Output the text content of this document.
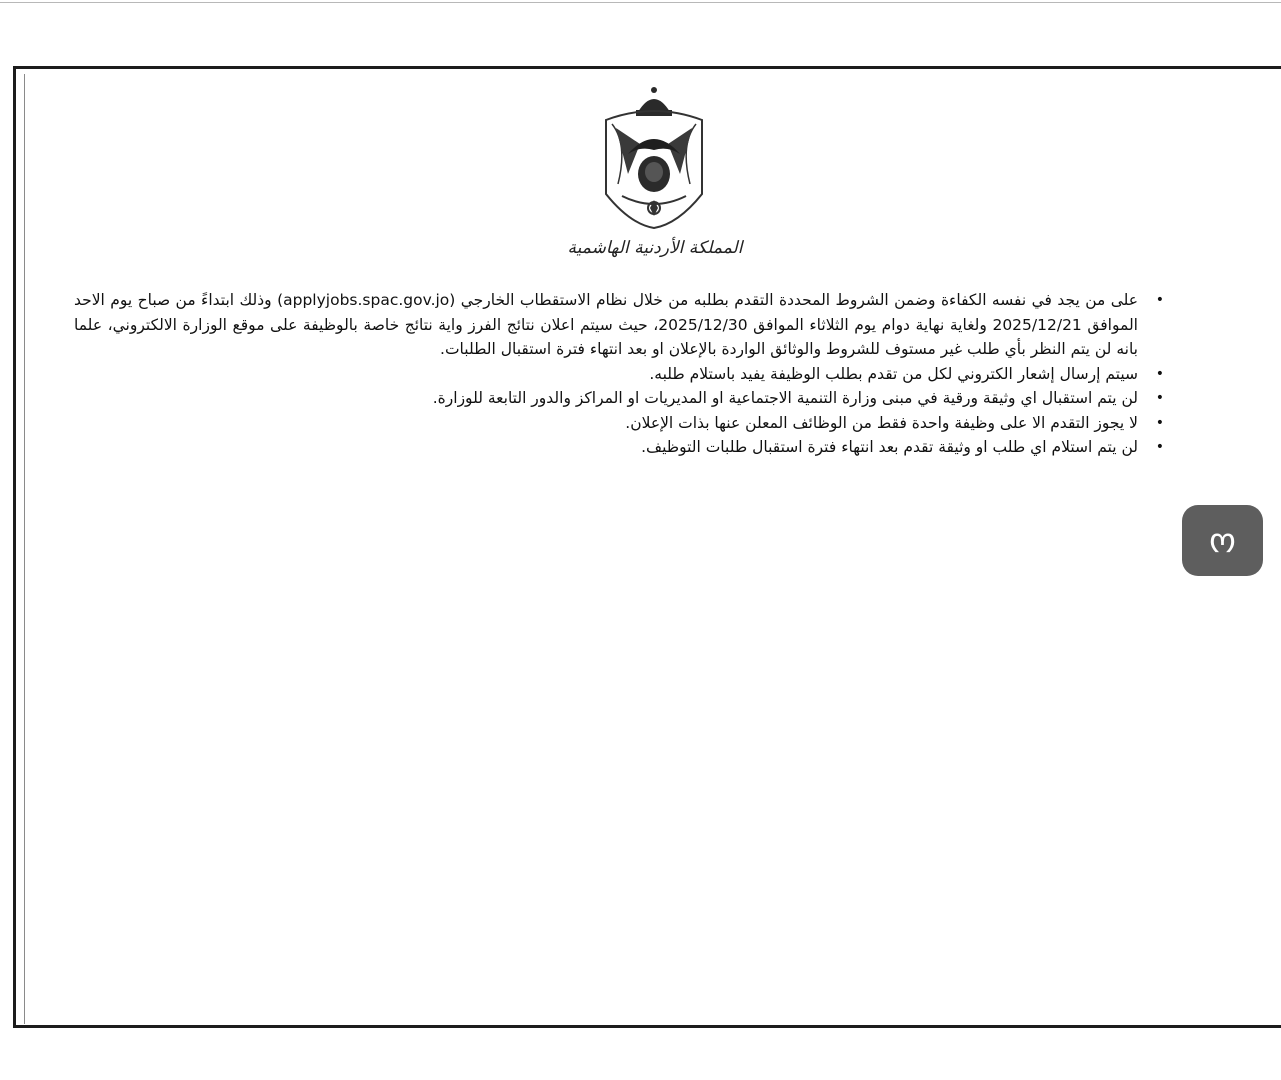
المملكة الأردنية الهاشمية
•
على من يجد في نفسه الكفاءة وضمن الشروط المحددة التقدم بطلبه من خلال نظام الاستقطاب الخارجي (applyjobs.spac.gov.jo) وذلك ابتداءً من صباح يوم الاحد الموافق 2025/12/21 ولغاية نهاية دوام يوم الثلاثاء الموافق 2025/12/30، حيث سيتم اعلان نتائج الفرز واية نتائج خاصة بالوظيفة على موقع الوزارة الالكتروني، علما بانه لن يتم النظر بأي طلب غير مستوف للشروط والوثائق الواردة بالإعلان او بعد انتهاء فترة استقبال الطلبات.
•
سيتم إرسال إشعار الكتروني لكل من تقدم بطلب الوظيفة يفيد باستلام طلبه.
•
لن يتم استقبال اي وثيقة ورقية في مبنى وزارة التنمية الاجتماعية او المديريات او المراكز والدور التابعة للوزارة.
•
لا يجوز التقدم الا على وظيفة واحدة فقط من الوظائف المعلن عنها بذات الإعلان.
•
لن يتم استلام اي طلب او وثيقة تقدم بعد انتهاء فترة استقبال طلبات التوظيف.
ო
